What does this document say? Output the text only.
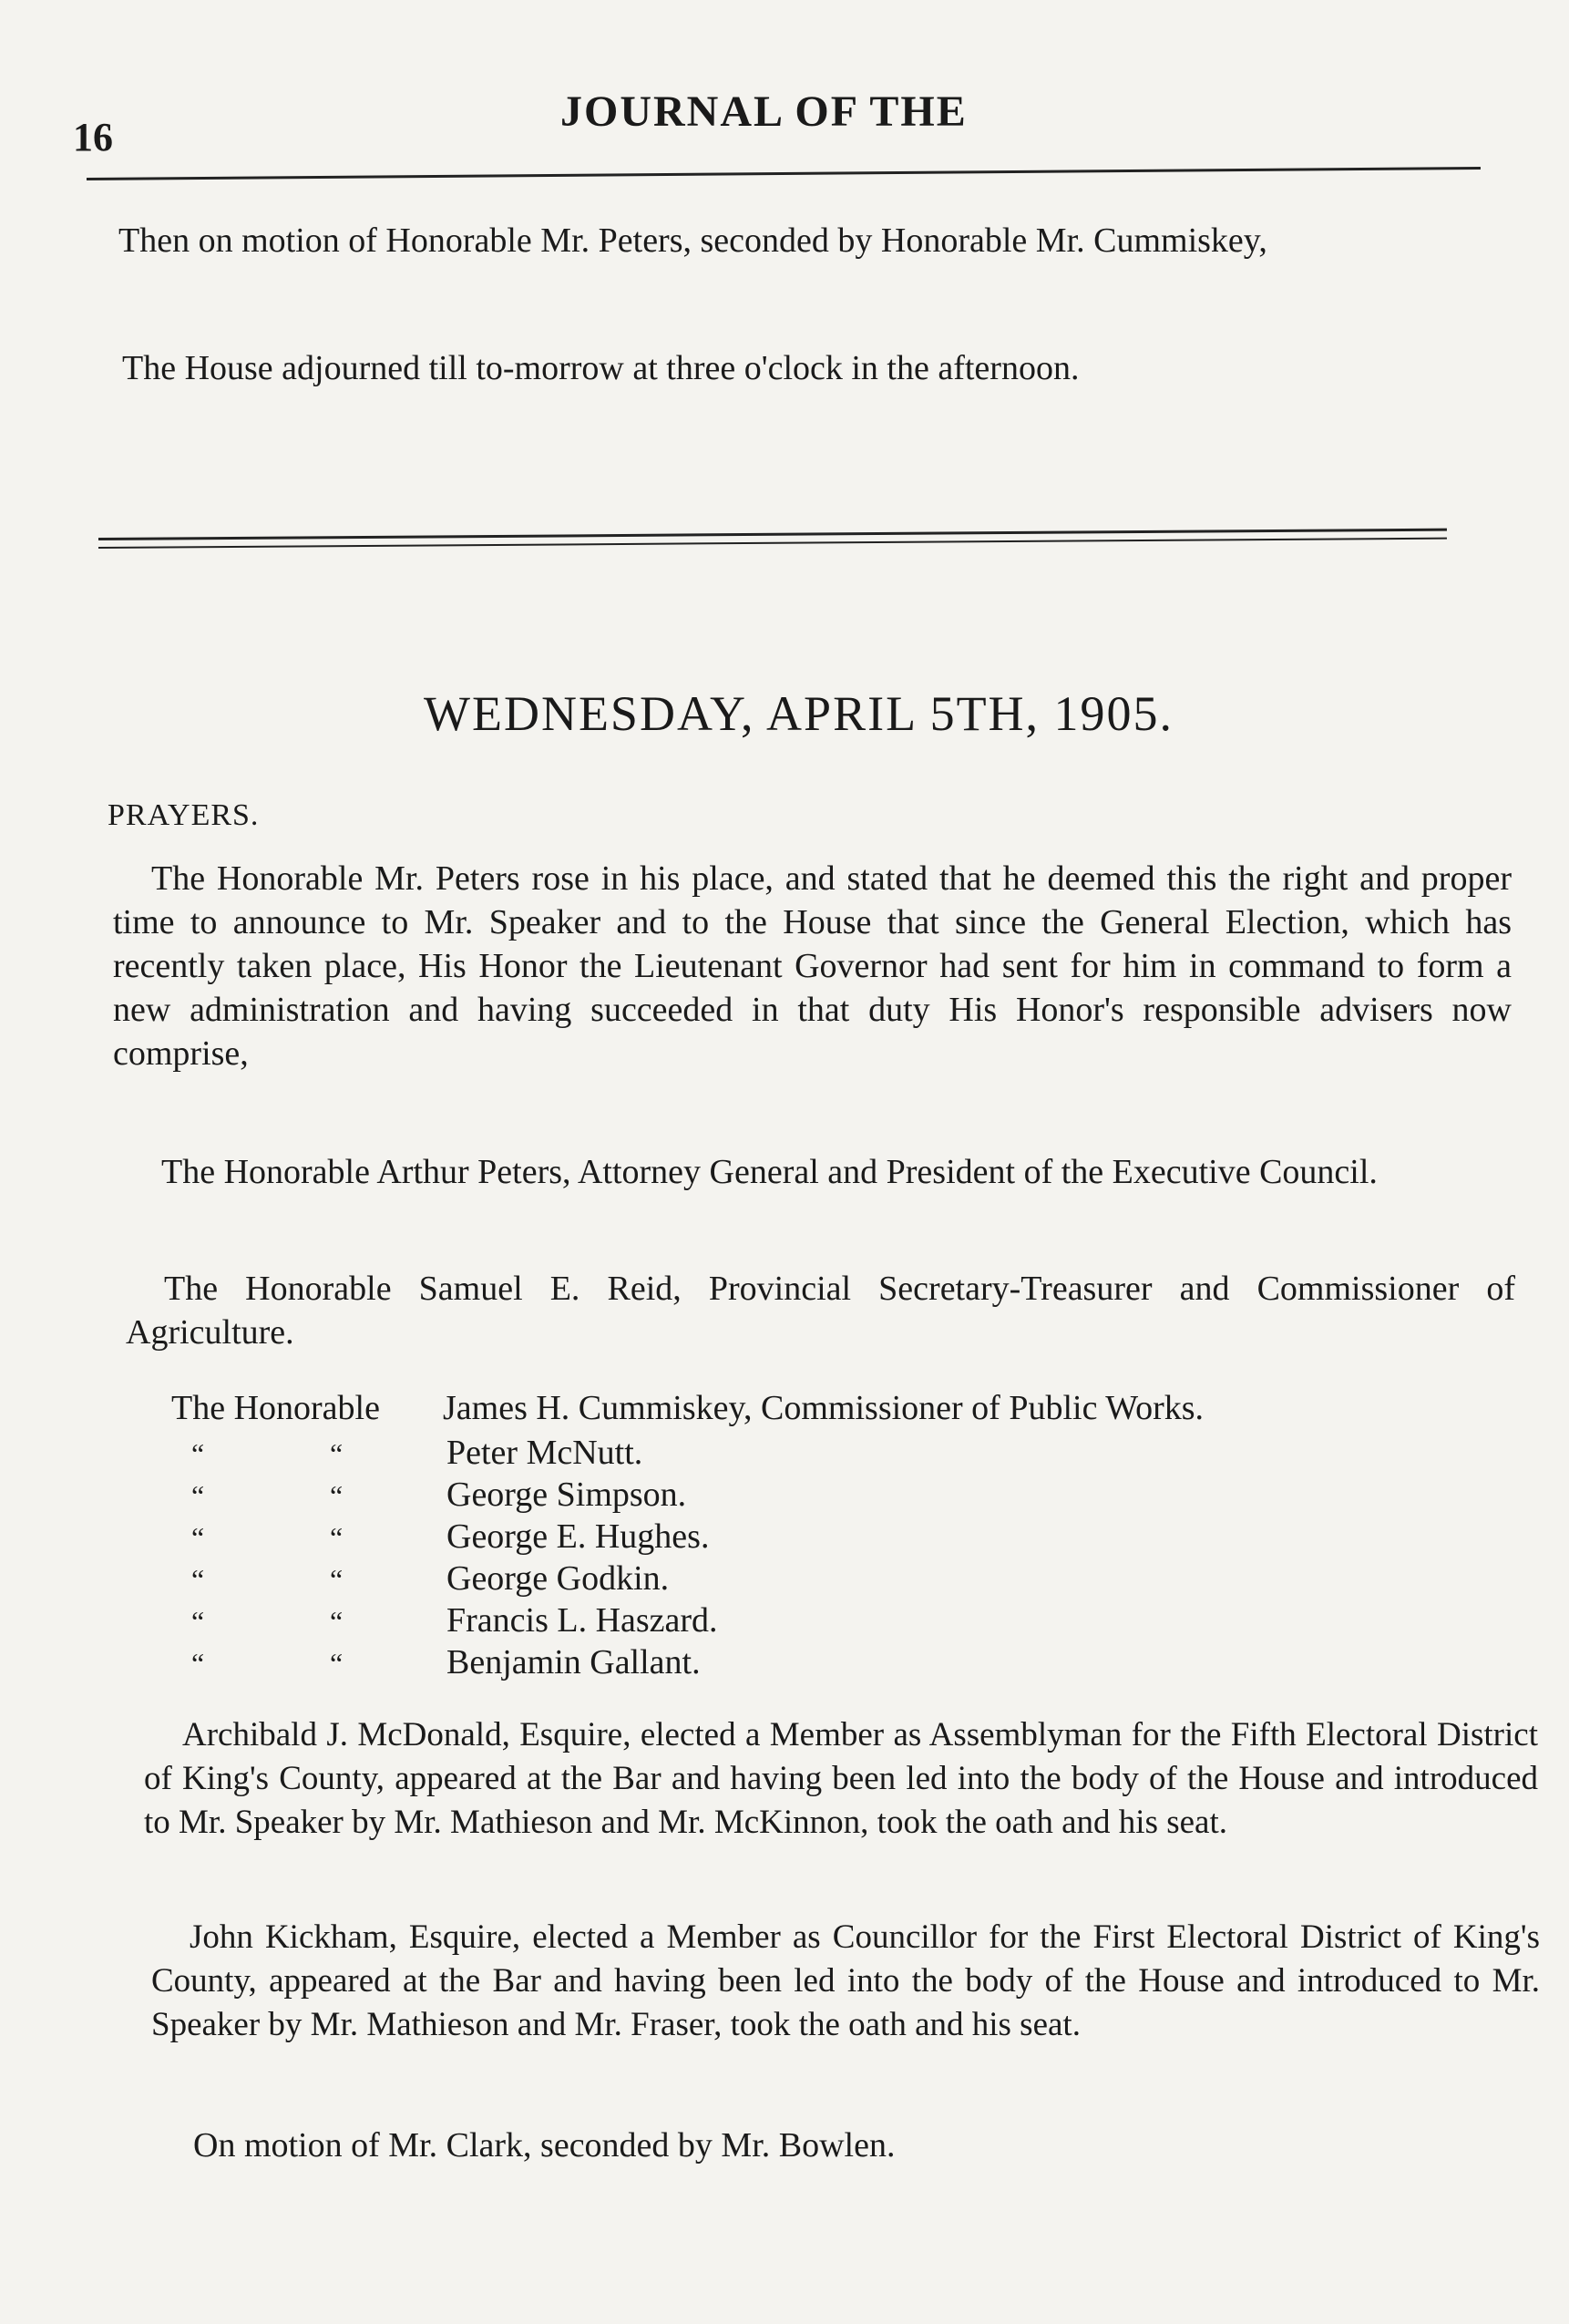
16
JOURNAL OF THE

Then on motion of Honorable Mr. Peters, seconded by Honorable Mr. Cummiskey,

The House adjourned till to-morrow at three o'clock in the afternoon.

WEDNESDAY, APRIL 5TH, 1905.
PRAYERS.

The Honorable Mr. Peters rose in his place, and stated that he deemed this the right and proper time to announce to Mr. Speaker and to the House that since the General Election, which has recently taken place, His Honor the Lieutenant Governor had sent for him in command to form a new administration and having succeeded in that duty His Honor's responsible advisers now comprise,

The Honorable Arthur Peters, Attorney General and President of the Executive Council.

The Honorable Samuel E. Reid, Provincial Secretary-Treasurer and Commissioner of Agriculture.

The Honorable James H. Cummiskey, Commissioner of Public Works.
“	“	Peter McNutt.
“	“	George Simpson.
“	“	George E. Hughes.
“	“	George Godkin.
“	“	Francis L. Haszard.
“	“	Benjamin Gallant.

Archibald J. McDonald, Esquire, elected a Member as Assemblyman for the Fifth Electoral District of King's County, appeared at the Bar and having been led into the body of the House and introduced to Mr. Speaker by Mr. Mathieson and Mr. McKinnon, took the oath and his seat.

John Kickham, Esquire, elected a Member as Councillor for the First Electoral District of King's County, appeared at the Bar and having been led into the body of the House and introduced to Mr. Speaker by Mr. Mathieson and Mr. Fraser, took the oath and his seat.

On motion of Mr. Clark, seconded by Mr. Bowlen.
